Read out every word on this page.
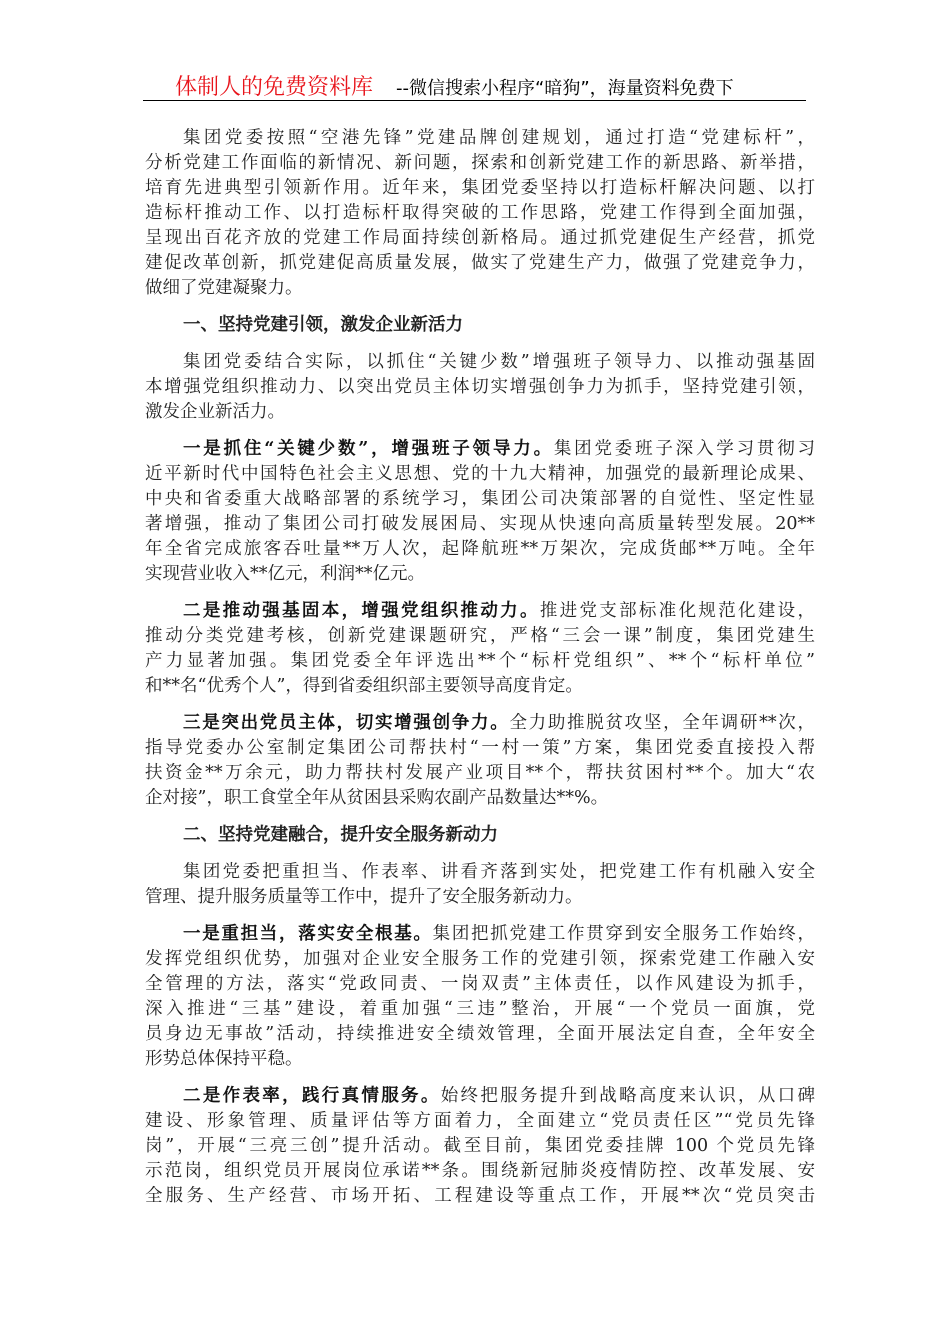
体制人的免费资料库 --微信搜索小程序“暗狗”，海量资料免费下
集团党委按照“空港先锋”党建品牌创建规划，通过打造“党建标杆”，
分析党建工作面临的新情况、新问题，探索和创新党建工作的新思路、新举措，
培育先进典型引领新作用。近年来，集团党委坚持以打造标杆解决问题、以打
造标杆推动工作、以打造标杆取得突破的工作思路，党建工作得到全面加强，
呈现出百花齐放的党建工作局面持续创新格局。通过抓党建促生产经营，抓党
建促改革创新，抓党建促高质量发展，做实了党建生产力，做强了党建竞争力，
做细了党建凝聚力。
一、坚持党建引领，激发企业新活力
集团党委结合实际，以抓住“关键少数”增强班子领导力、以推动强基固
本增强党组织推动力、以突出党员主体切实增强创争力为抓手，坚持党建引领，
激发企业新活力。
一是抓住“关键少数”，增强班子领导力。集团党委班子深入学习贯彻习
近平新时代中国特色社会主义思想、党的十九大精神，加强党的最新理论成果、
中央和省委重大战略部署的系统学习，集团公司决策部署的自觉性、坚定性显
著增强，推动了集团公司打破发展困局、实现从快速向高质量转型发展。20**
年全省完成旅客吞吐量**万人次，起降航班**万架次，完成货邮**万吨。全年
实现营业收入**亿元，利润**亿元。
二是推动强基固本，增强党组织推动力。推进党支部标准化规范化建设，
推动分类党建考核，创新党建课题研究，严格“三会一课”制度，集团党建生
产力显著加强。集团党委全年评选出**个“标杆党组织”、**个“标杆单位”
和**名“优秀个人”，得到省委组织部主要领导高度肯定。
三是突出党员主体，切实增强创争力。全力助推脱贫攻坚，全年调研**次，
指导党委办公室制定集团公司帮扶村“一村一策”方案，集团党委直接投入帮
扶资金**万余元，助力帮扶村发展产业项目**个，帮扶贫困村**个。加大“农
企对接”，职工食堂全年从贫困县采购农副产品数量达**%。
二、坚持党建融合，提升安全服务新动力
集团党委把重担当、作表率、讲看齐落到实处，把党建工作有机融入安全
管理、提升服务质量等工作中，提升了安全服务新动力。
一是重担当，落实安全根基。集团把抓党建工作贯穿到安全服务工作始终，
发挥党组织优势，加强对企业安全服务工作的党建引领，探索党建工作融入安
全管理的方法，落实“党政同责、一岗双责”主体责任，以作风建设为抓手，
深入推进“三基”建设，着重加强“三违”整治，开展“一个党员一面旗，党
员身边无事故”活动，持续推进安全绩效管理，全面开展法定自查，全年安全
形势总体保持平稳。
二是作表率，践行真情服务。始终把服务提升到战略高度来认识，从口碑
建设、形象管理、质量评估等方面着力，全面建立“党员责任区”“党员先锋
岗”，开展“三亮三创”提升活动。截至目前，集团党委挂牌 100 个党员先锋
示范岗，组织党员开展岗位承诺**条。围绕新冠肺炎疫情防控、改革发展、安
全服务、生产经营、市场开拓、工程建设等重点工作，开展**次“党员突击
